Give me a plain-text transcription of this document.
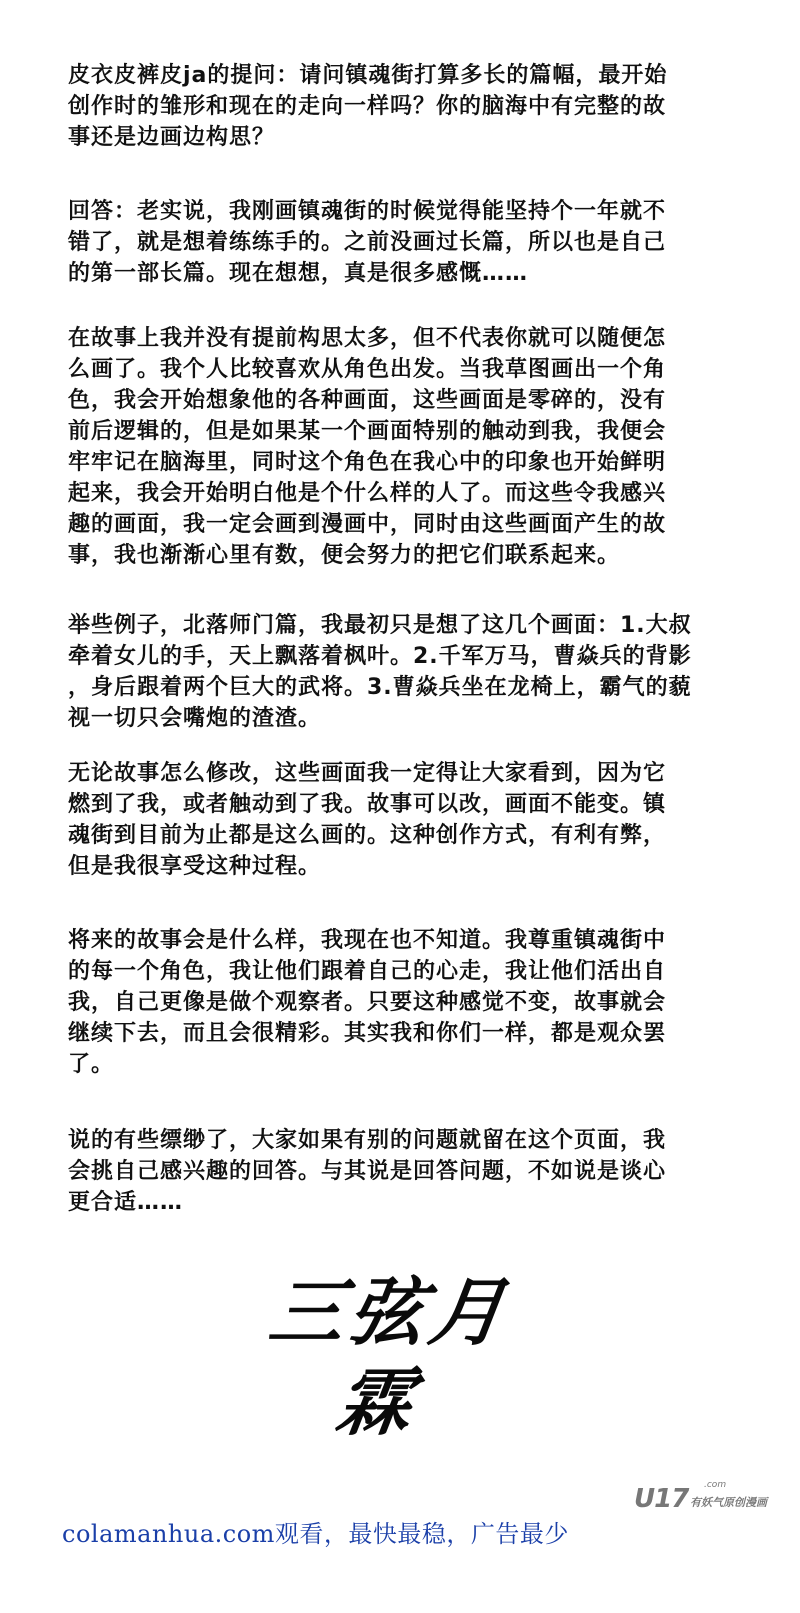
皮衣皮裤皮ja的提问：请问镇魂街打算多长的篇幅，最开始
创作时的雏形和现在的走向一样吗？你的脑海中有完整的故
事还是边画边构思？

回答：老实说，我刚画镇魂街的时候觉得能坚持个一年就不
错了，就是想着练练手的。之前没画过长篇，所以也是自己
的第一部长篇。现在想想，真是很多感慨……

在故事上我并没有提前构思太多，但不代表你就可以随便怎
么画了。我个人比较喜欢从角色出发。当我草图画出一个角
色，我会开始想象他的各种画面，这些画面是零碎的，没有
前后逻辑的，但是如果某一个画面特别的触动到我，我便会
牢牢记在脑海里，同时这个角色在我心中的印象也开始鲜明
起来，我会开始明白他是个什么样的人了。而这些令我感兴
趣的画面，我一定会画到漫画中，同时由这些画面产生的故
事，我也渐渐心里有数，便会努力的把它们联系起来。

举些例子，北落师门篇，我最初只是想了这几个画面：1.大叔
牵着女儿的手，天上飘落着枫叶。2.千军万马，曹焱兵的背影
，身后跟着两个巨大的武将。3.曹焱兵坐在龙椅上，霸气的藐
视一切只会嘴炮的渣渣。

无论故事怎么修改，这些画面我一定得让大家看到，因为它
燃到了我，或者触动到了我。故事可以改，画面不能变。镇
魂街到目前为止都是这么画的。这种创作方式，有利有弊，
但是我很享受这种过程。

将来的故事会是什么样，我现在也不知道。我尊重镇魂街中
的每一个角色，我让他们跟着自己的心走，我让他们活出自
我，自己更像是做个观察者。只要这种感觉不变，故事就会
继续下去，而且会很精彩。其实我和你们一样，都是观众罢
了。

说的有些缥缈了，大家如果有别的问题就留在这个页面，我
会挑自己感兴趣的回答。与其说是回答问题，不如说是谈心
更合适……

三弦月霖
U17 .com
有妖气原创漫画
colamanhua.com观看，最快最稳，广告最少
